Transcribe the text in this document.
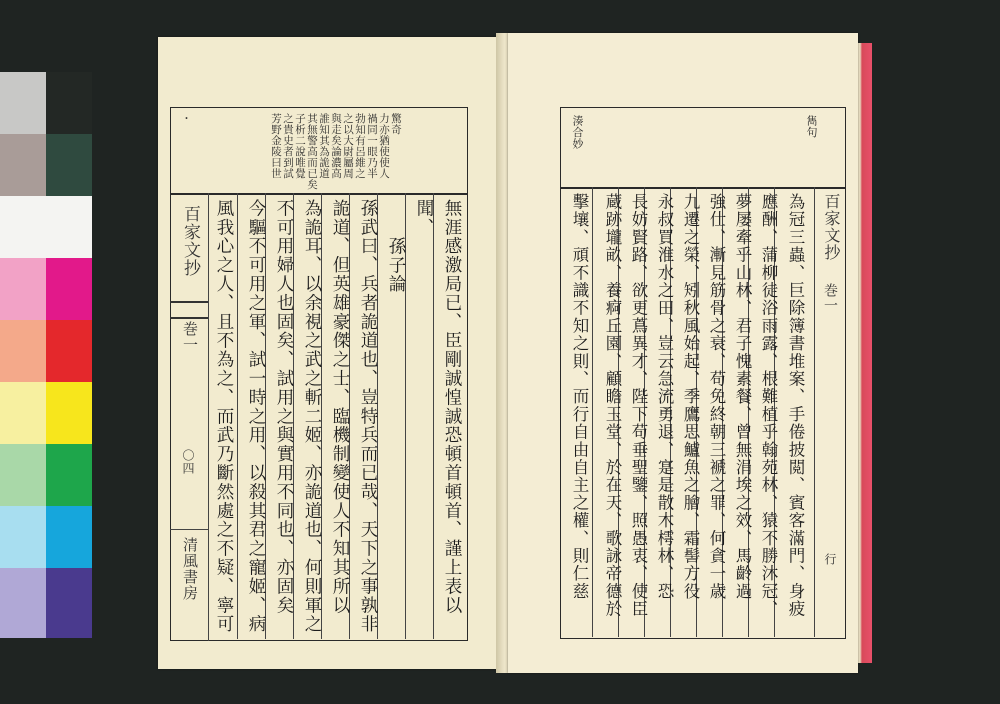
・	芳野金陵曰世 之貴史者到試 子析二說唯覺 其無警高而已矣 誰知其為詭道 與走矣論濃高 之以大尉屬周 勃知有呂維之 禍同一眼乃半 力亦猶使使人 驚奇
百家文抄
巻一
〇四
清風書房	無涯感激局已、臣剛誠惶誠恐頓首頓首、謹上表以
聞、
孫子論
孫武曰、兵者詭道也、豈特兵而已哉、天下之事孰非
詭道、但英雄豪傑之士、臨機制變使人不知其所以
為詭耳、以余視之武之斬二姬、亦詭道也、何則軍之
不可用婦人也固矣、試用之與實用不同也、亦固矣
今驅不可用之軍、試一時之用、以殺其君之寵姬、病
風我心之人、且不為之、而武乃斷然處之不疑、寧可
湊合妙	雋句
百家文抄
巻一
行
為冠三蟲、巨除簿書堆案、手倦披閲、賓客滿門、身疲
應酬、蒲柳徒浴雨露、根難植乎翰苑林、猿不勝沐冠、
夢屡牽乎山林、君子愧素餐、曾無涓埃之效、馬齡過
強仕、漸見筋骨之衰、苟免終朝三褫之罪、何貪一歳
九遷之榮、矧秋風始起、季鷹思鱸魚之膾、霜髻方役
永叔買淮水之田、豈云急流勇退、寔是散木樗林、恐
長妨賢路、欲更蔦異才、陛下苟垂聖鑒、照愚衷、使臣
蔵跡壠畝、養痾丘園、顧瞻玉堂、於在天、歌詠帝德於
擊壤、頑不識不知之則、而行自由自主之權、則仁慈
